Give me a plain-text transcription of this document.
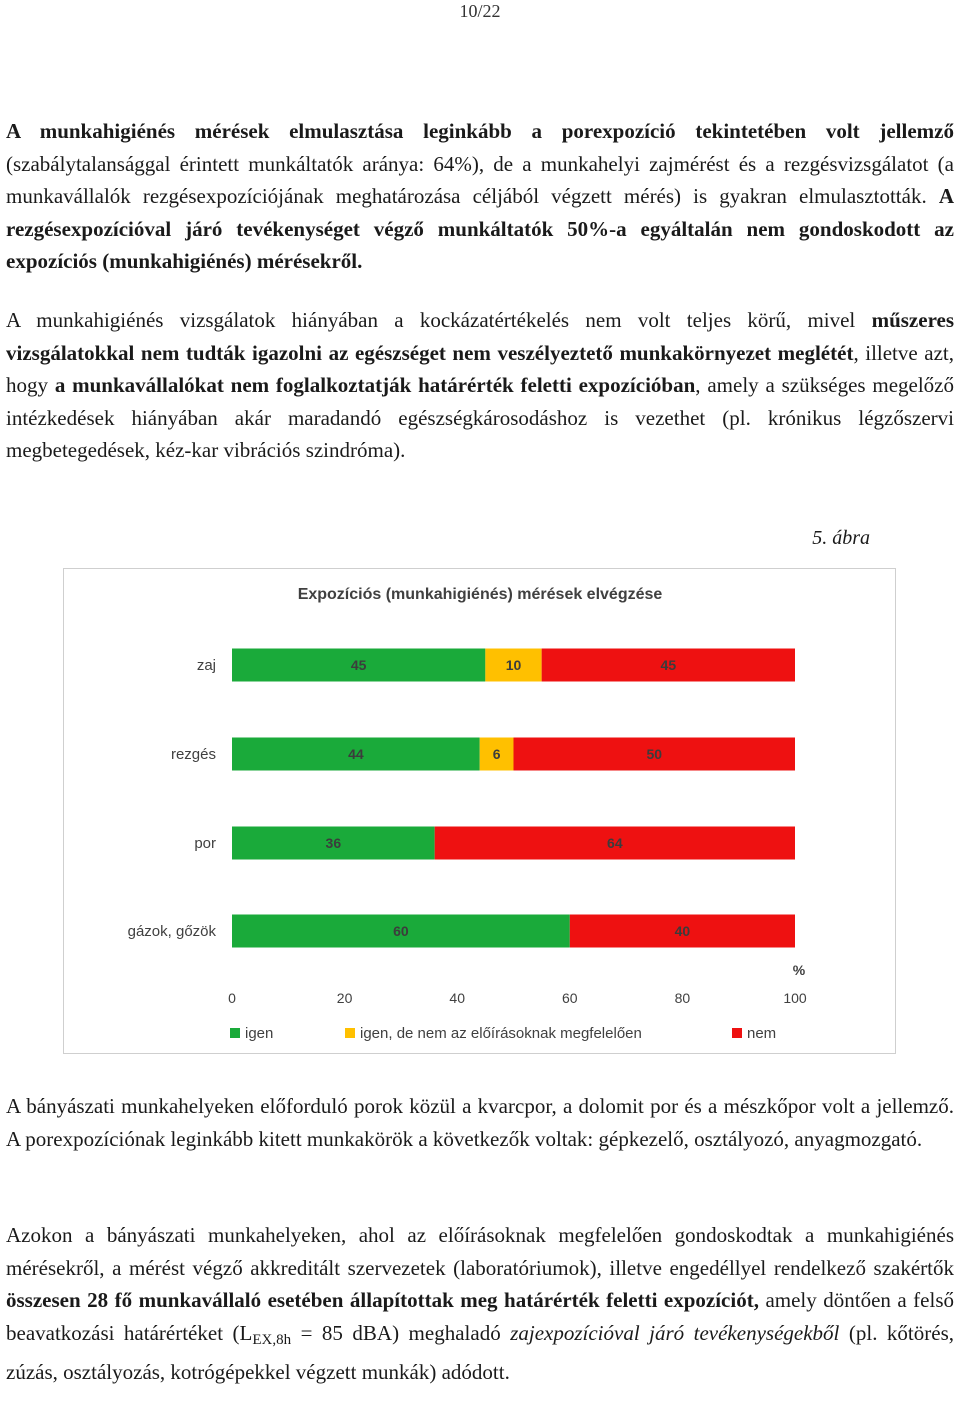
10/22

A munkahigiénés mérések elmulasztása leginkább a porexpozíció tekintetében volt jellemző (szabálytalansággal érintett munkáltatók aránya: 64%), de a munkahelyi zajmérést és a rezgésvizsgálatot (a munkavállalók rezgésexpozíciójának meghatározása céljából végzett mérés) is gyakran elmulasztották. A rezgésexpozícióval járó tevékenységet végző munkáltatók 50%-a egyáltalán nem gondoskodott az expozíciós (munkahigiénés) mérésekről.

A munkahigiénés vizsgálatok hiányában a kockázatértékelés nem volt teljes körű, mivel műszeres vizsgálatokkal nem tudták igazolni az egészséget nem veszélyeztető munkakörnyezet meglétét, illetve azt, hogy a munkavállalókat nem foglalkoztatják határérték feletti expozícióban, amely a szükséges megelőző intézkedések hiányában akár maradandó egészségkárosodáshoz is vezethet (pl. krónikus légzőszervi megbetegedések, kéz-kar vibrációs szindróma).

5. ábra
Expozíciós (munkahigiénés) mérések elvégzése
zaj	45	10	45
rezgés	44	6	50
por	36	64
gázok, gőzök	60	40
0	20	40	60	80	100
%
igen	igen, de nem az előírásoknak megfelelően	nem

A bányászati munkahelyeken előforduló porok közül a kvarcpor, a dolomit por és a mészkőpor volt a jellemző. A porexpozíciónak leginkább kitett munkakörök a következők voltak: gépkezelő, osztályozó, anyagmozgató.

Azokon a bányászati munkahelyeken, ahol az előírásoknak megfelelően gondoskodtak a munkahigiénés mérésekről, a mérést végző akkreditált szervezetek (laboratóriumok), illetve engedéllyel rendelkező szakértők összesen 28 fő munkavállaló esetében állapítottak meg határérték feletti expozíciót, amely döntően a felső beavatkozási határértéket ($L_{EX,8h} = 85$ dBA) meghaladó zajexpozícióval járó tevékenységekből (pl. kőtörés, zúzás, osztályozás, kotrógépekkel végzett munkák) adódott.
